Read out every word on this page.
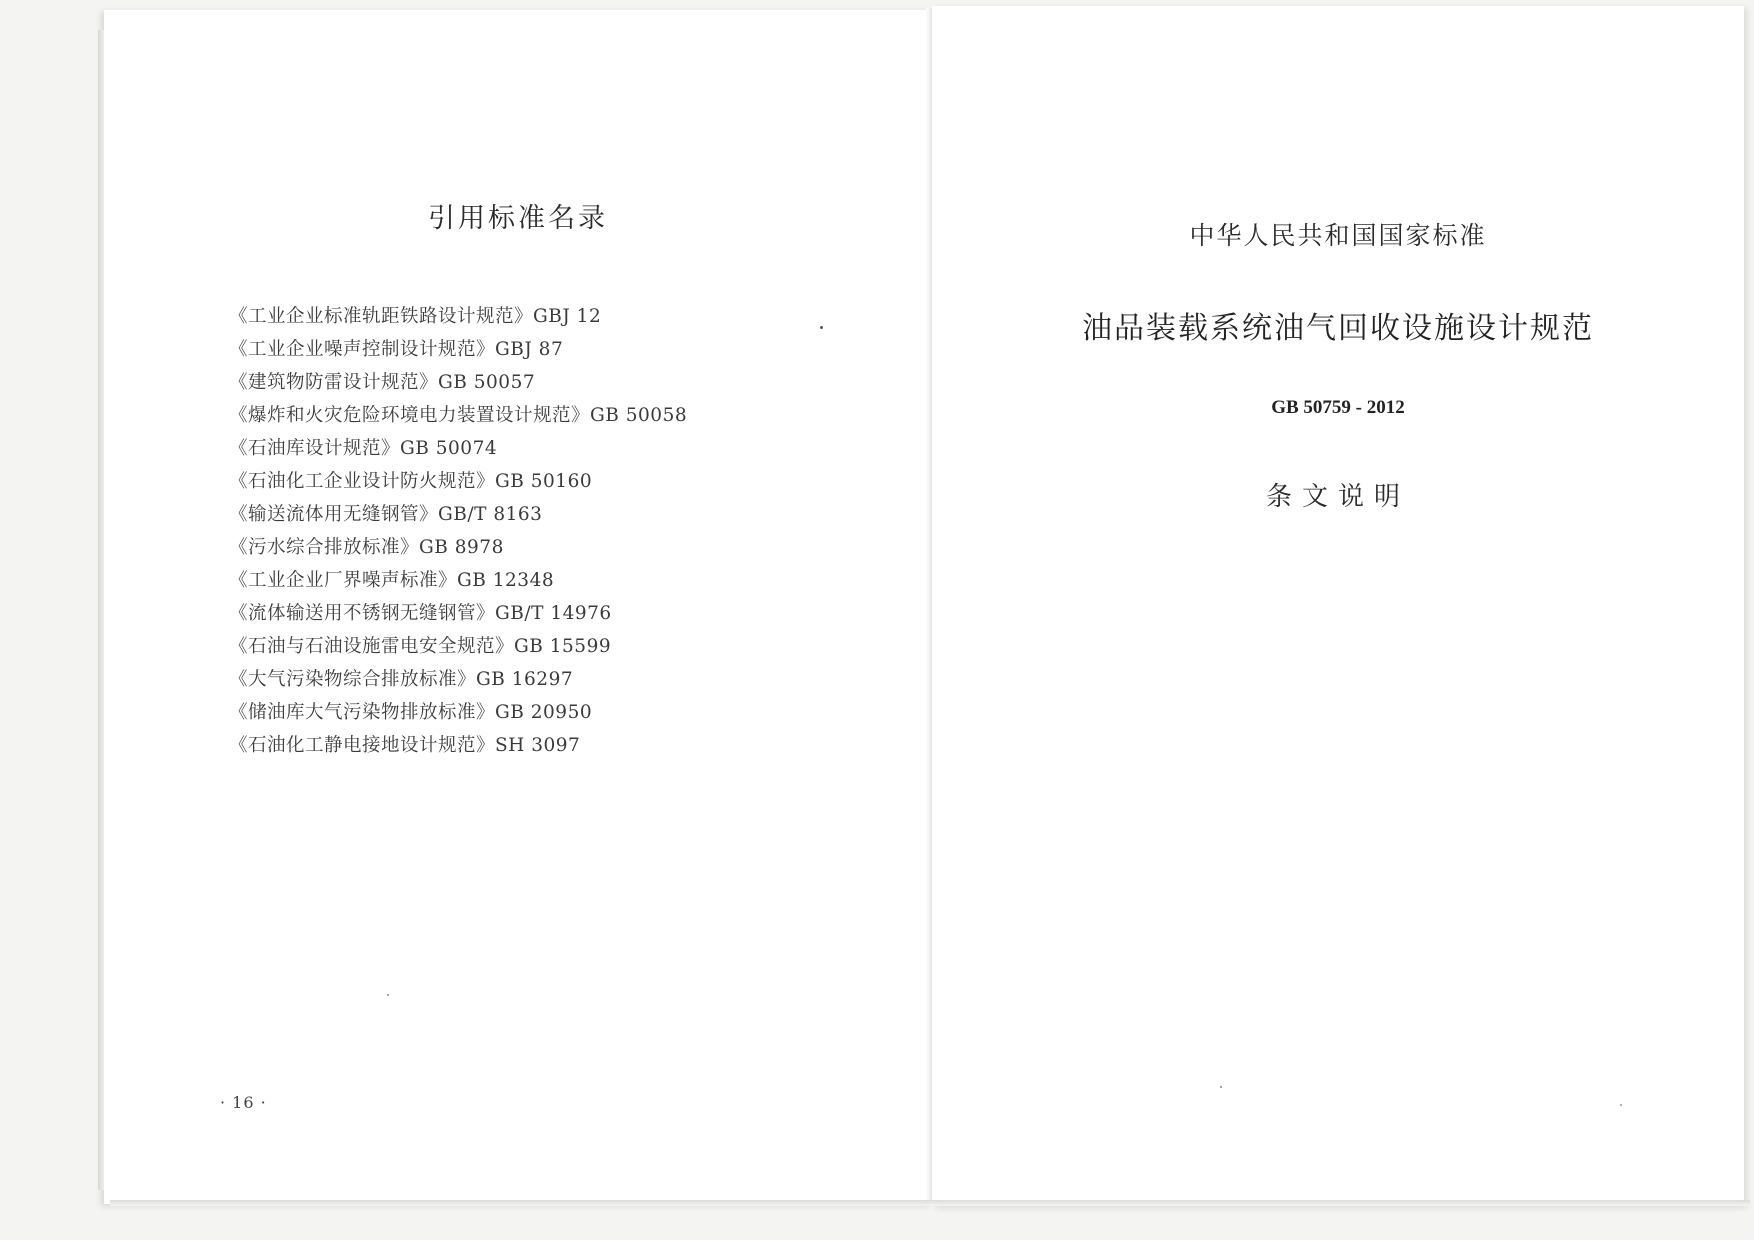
引用标准名录
《工业企业标准轨距铁路设计规范》GBJ 12
《工业企业噪声控制设计规范》GBJ 87
《建筑物防雷设计规范》GB 50057
《爆炸和火灾危险环境电力装置设计规范》GB 50058
《石油库设计规范》GB 50074
《石油化工企业设计防火规范》GB 50160
《输送流体用无缝钢管》GB/T 8163
《污水综合排放标准》GB 8978
《工业企业厂界噪声标准》GB 12348
《流体输送用不锈钢无缝钢管》GB/T 14976
《石油与石油设施雷电安全规范》GB 15599
《大气污染物综合排放标准》GB 16297
《储油库大气污染物排放标准》GB 20950
《石油化工静电接地设计规范》SH 3097
· 16 ·
中华人民共和国国家标准
油品装载系统油气回收设施设计规范
GB 50759 - 2012
条文说明
